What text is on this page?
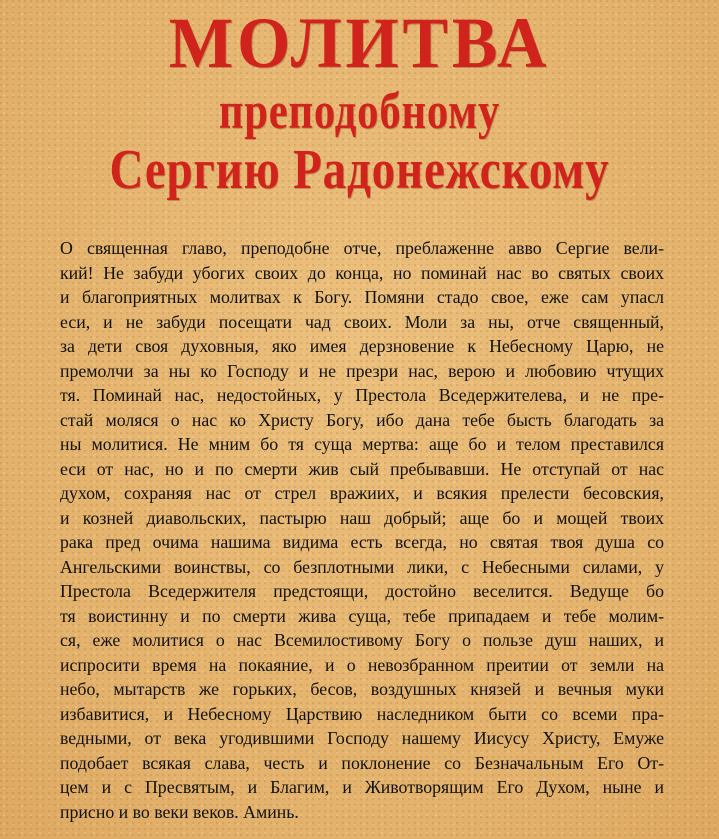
МОЛИТВА
преподобному
Сергию Радонежскому
О священная главо, преподобне отче, преблаженне авво Сергие вели-
кий! Не забуди убогих своих до конца, но поминай нас во святых своих
и благоприятных молитвах к Богу. Помяни стадо свое, еже сам упасл
еси, и не забуди посещати чад своих. Моли за ны, отче священный,
за дети своя духовныя, яко имея дерзновение к Небесному Царю, не
премолчи за ны ко Господу и не презри нас, верою и любовию чтущих
тя. Поминай нас, недостойных, у Престола Вседержителева, и не пре-
стай моляся о нас ко Христу Богу, ибо дана тебе бысть благодать за
ны молитися. Не мним бо тя суща мертва: аще бо и телом преставился
еси от нас, но и по смерти жив сый пребывавши. Не отступай от нас
духом, сохраняя нас от стрел вражиих, и всякия прелести бесовския,
и козней диавольских, пастырю наш добрый; аще бо и мощей твоих
рака пред очима нашима видима есть всегда, но святая твоя душа со
Ангельскими воинствы, со безплотными лики, с Небесными силами, у
Престола Вседержителя предстоящи, достойно веселится. Ведуще бо
тя воистинну и по смерти жива суща, тебе припадаем и тебе молим-
ся, еже молитися о нас Всемилостивому Богу о пользе душ наших, и
испросити время на покаяние, и о невозбранном преитии от земли на
небо, мытарств же горьких, бесов, воздушных князей и вечныя муки
избавитися, и Небесному Царствию наследником быти со всеми пра-
ведными, от века угодившими Господу нашему Иисусу Христу, Емуже
подобает всякая слава, честь и поклонение со Безначальным Его От-
цем и с Пресвятым, и Благим, и Животворящим Его Духом, ныне и
присно и во веки веков. Аминь.
